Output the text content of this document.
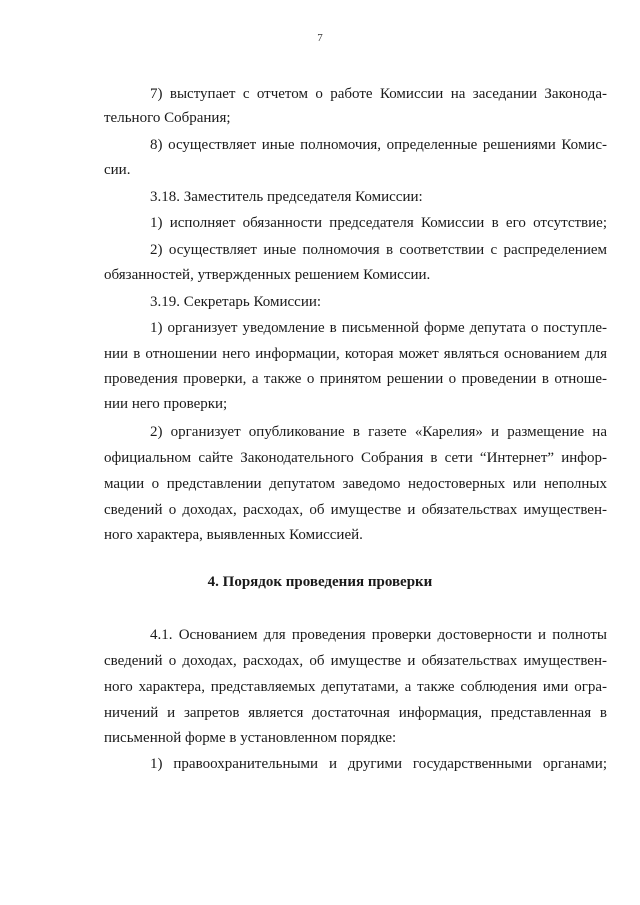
7
7) выступает с отчетом о работе Комиссии на заседании Законода-
тельного Собрания;
8) осуществляет иные полномочия, определенные решениями Комис-
сии.
3.18. Заместитель председателя Комиссии:
1) исполняет обязанности председателя Комиссии в его отсутствие;
2) осуществляет иные полномочия в соответствии с распределением
обязанностей, утвержденных решением Комиссии.
3.19. Секретарь Комиссии:
1) организует уведомление в письменной форме депутата о поступле-
нии в отношении него информации, которая может являться основанием для
проведения проверки, а также о принятом решении о проведении в отноше-
нии него проверки;
2) организует опубликование в газете «Карелия» и размещение на
официальном сайте Законодательного Собрания в сети “Интернет” инфор-
мации о представлении депутатом заведомо недостоверных или неполных
сведений о доходах, расходах, об имуществе и обязательствах имуществен-
ного характера, выявленных Комиссией.
4. Порядок проведения проверки
4.1. Основанием для проведения проверки достоверности и полноты
сведений о доходах, расходах, об имуществе и обязательствах имуществен-
ного характера, представляемых депутатами, а также соблюдения ими огра-
ничений и запретов является достаточная информация, представленная в
письменной форме в установленном порядке:
1) правоохранительными и другими государственными органами;
